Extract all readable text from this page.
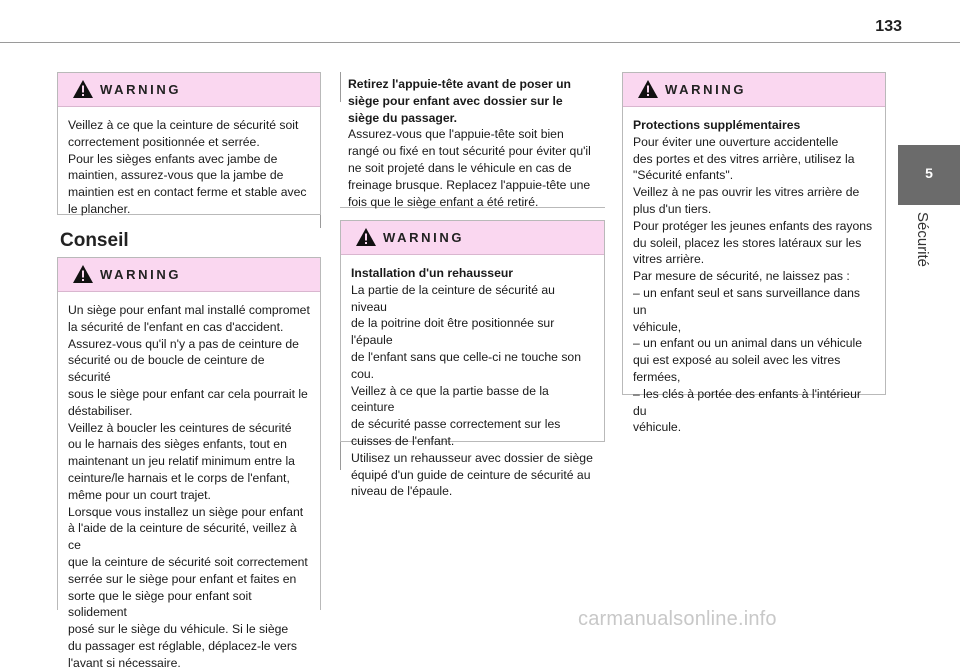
133
5
Sécurité
WARNING

Veillez à ce que la ceinture de sécurité soit

correctement positionnée et serrée.

Pour les sièges enfants avec jambe de

maintien, assurez-vous que la jambe de

maintien est en contact ferme et stable avec

le plancher.

Conseil
WARNING

Un siège pour enfant mal installé compromet

la sécurité de l'enfant en cas d'accident.

Assurez-vous qu'il n'y a pas de ceinture de

sécurité ou de boucle de ceinture de sécurité

sous le siège pour enfant car cela pourrait le

déstabiliser.

Veillez à boucler les ceintures de sécurité

ou le harnais des sièges enfants, tout en

maintenant un jeu relatif minimum entre la

ceinture/le harnais et le corps de l'enfant,

même pour un court trajet.

Lorsque vous installez un siège pour enfant

à l'aide de la ceinture de sécurité, veillez à ce

que la ceinture de sécurité soit correctement

serrée sur le siège pour enfant et faites en

sorte que le siège pour enfant soit solidement

posé sur le siège du véhicule. Si le siège

du passager est réglable, déplacez-le vers

l'avant si nécessaire.

Retirez l'appuie-tête avant de poser un

siège pour enfant avec dossier sur le

siège du passager.

Assurez-vous que l'appuie-tête soit bien

rangé ou fixé en tout sécurité pour éviter qu'il

ne soit projeté dans le véhicule en cas de

freinage brusque. Replacez l'appuie-tête une

fois que le siège enfant a été retiré.

WARNING

Installation d'un rehausseur

La partie de la ceinture de sécurité au niveau

de la poitrine doit être positionnée sur l'épaule

de l'enfant sans que celle-ci ne touche son

cou.

Veillez à ce que la partie basse de la ceinture

de sécurité passe correctement sur les

cuisses de l'enfant.

Utilisez un rehausseur avec dossier de siège

équipé d'un guide de ceinture de sécurité au

niveau de l'épaule.

WARNING

Protections supplémentaires

Pour éviter une ouverture accidentelle

des portes et des vitres arrière, utilisez la

"Sécurité enfants".

Veillez à ne pas ouvrir les vitres arrière de

plus d'un tiers.

Pour protéger les jeunes enfants des rayons

du soleil, placez les stores latéraux sur les

vitres arrière.

Par mesure de sécurité, ne laissez pas :

– un enfant seul et sans surveillance dans un

véhicule,

– un enfant ou un animal dans un véhicule

qui est exposé au soleil avec les vitres

fermées,

– les clés à portée des enfants à l'intérieur du

véhicule.

carmanualsonline.info
